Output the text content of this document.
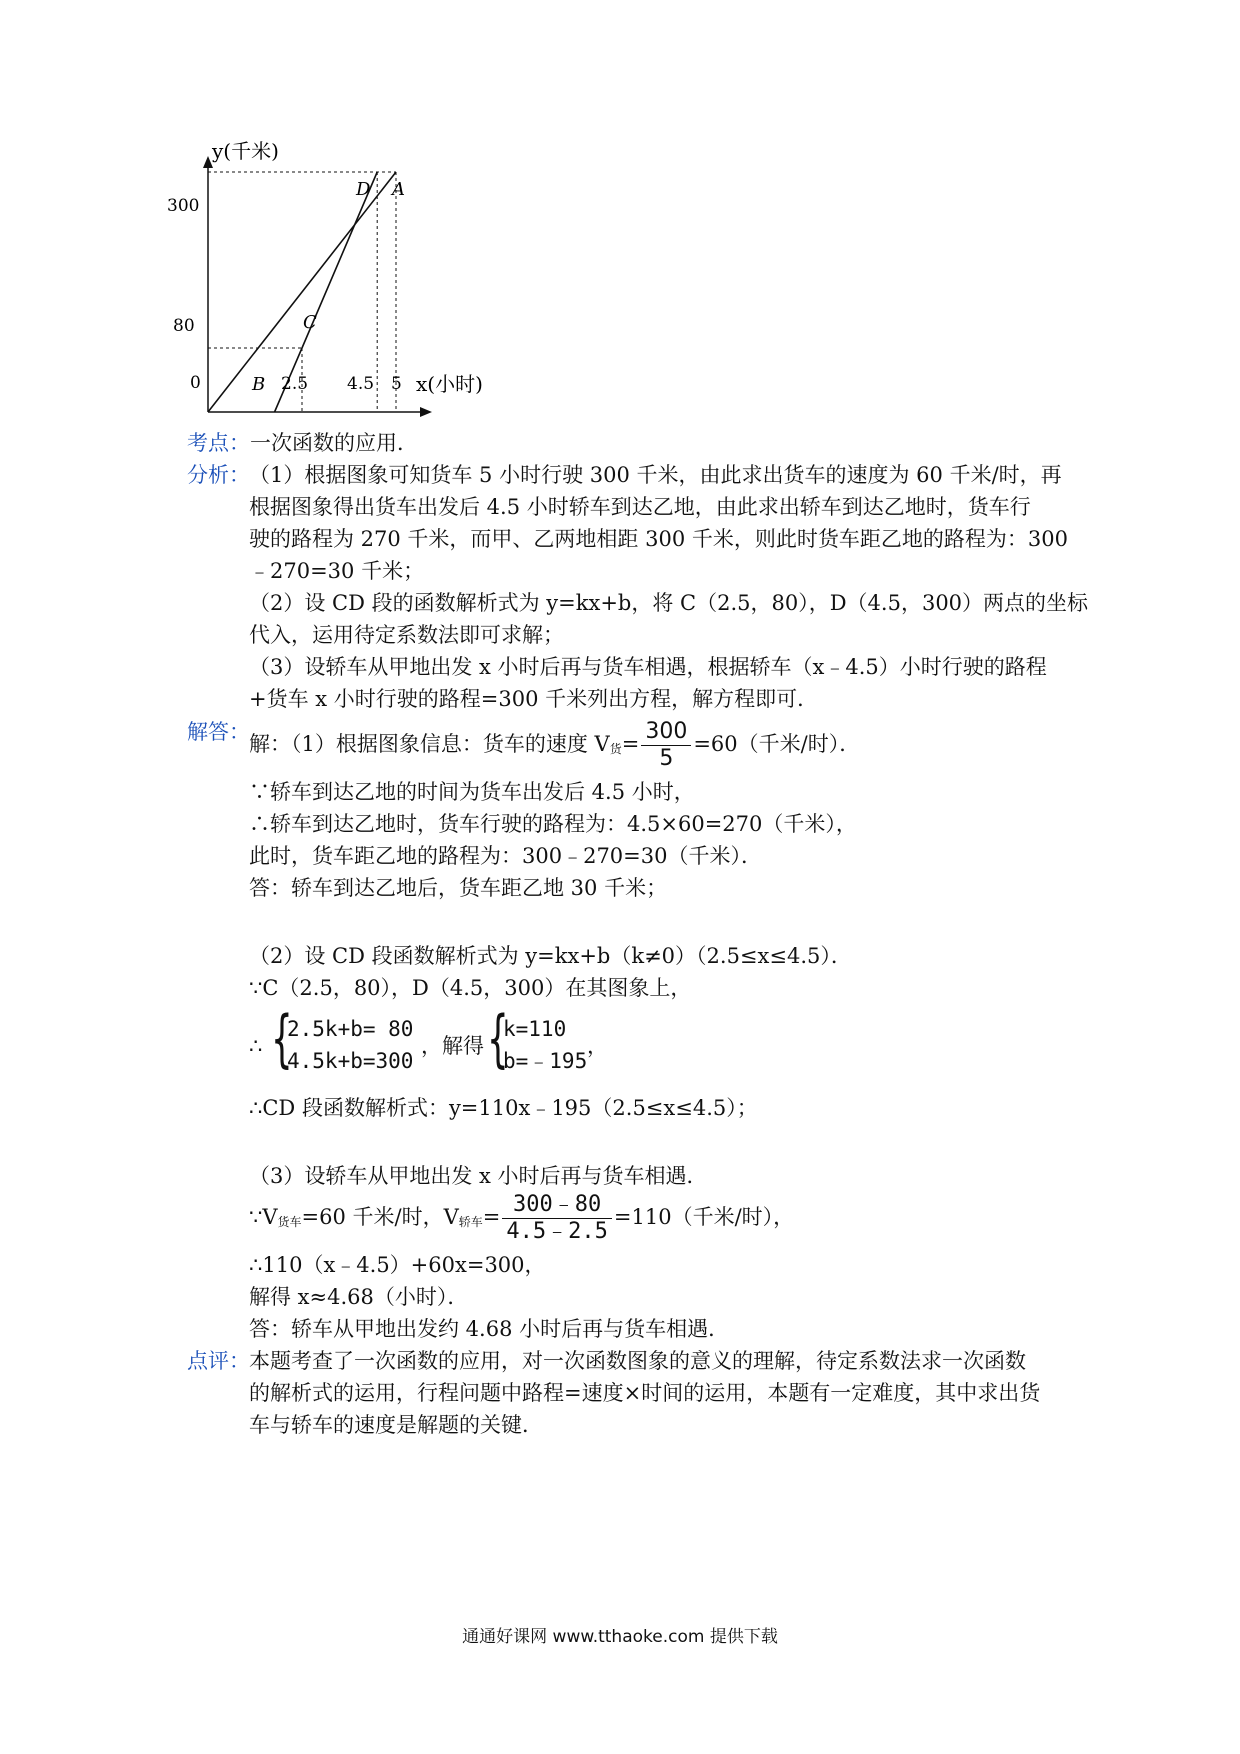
y(千米)
x(小时)
0
300
80
2.5 4.5 5
A
D
C
B
考点：一次函数的应用．
分析： （1）根据图象可知货车 5 小时行驶 300 千米，由此求出货车的速度为 60 千米/时，再
根据图象得出货车出发后 4.5 小时轿车到达乙地，由此求出轿车到达乙地时，货车行
驶的路程为 270 千米，而甲、乙两地相距 300 千米，则此时货车距乙地的路程为：300
﹣270=30 千米；
（2）设 CD 段的函数解析式为 y=kx+b，将 C（2.5，80），D（4.5，300）两点的坐标
代入，运用待定系数法即可求解；
（3）设轿车从甲地出发 x 小时后再与货车相遇，根据轿车（x﹣4.5）小时行驶的路程
+货车 x 小时行驶的路程=300 千米列出方程，解方程即可．
解答： 解：（1）根据图象信息：货车的速度 $V_货= \frac{300}{5} =60$（千米/时）．
∵轿车到达乙地的时间为货车出发后 4.5 小时，
∴轿车到达乙地时，货车行驶的路程为：4.5×60=270（千米），
此时，货车距乙地的路程为：300﹣270=30（千米）．
答：轿车到达乙地后，货车距乙地 30 千米；
（2）设 CD 段函数解析式为 y=kx+b（k≠0）（2.5≤x≤4.5）．
∵C（2.5，80），D（4.5，300）在其图象上，
∴ {
2.5k+b= 80
4.5k+b=300
，解得 {
k=110
b=﹣195
，
∴CD 段函数解析式：y=110x﹣195（2.5≤x≤4.5）；
（3）设轿车从甲地出发 x 小时后再与货车相遇．
$\because V_{货车}=60$ 千米/时，$V_{轿车}= \frac{300﹣80}{4.5﹣2.5} =110$（千米/时），
∴110（x﹣4.5）+60x=300，
解得 x≈4.68（小时）．
答：轿车从甲地出发约 4.68 小时后再与货车相遇．
点评： 本题考查了一次函数的应用，对一次函数图象的意义的理解，待定系数法求一次函数
的解析式的运用，行程问题中路程=速度×时间的运用，本题有一定难度，其中求出货
车与轿车的速度是解题的关键．
通通好课网 www.tthaoke.com 提供下载
